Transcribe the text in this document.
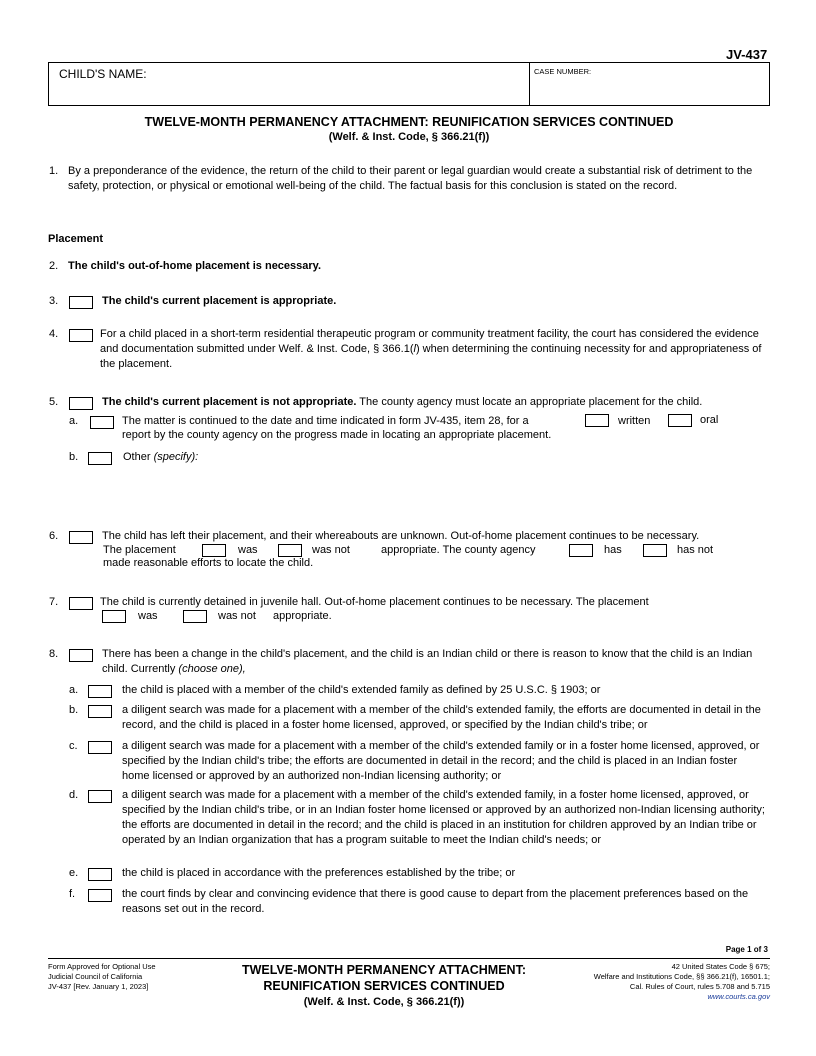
JV-437
CHILD'S NAME:	CASE NUMBER:
TWELVE-MONTH PERMANENCY ATTACHMENT: REUNIFICATION SERVICES CONTINUED
(Welf. & Inst. Code, § 366.21(f))
1. By a preponderance of the evidence, the return of the child to their parent or legal guardian would create a substantial risk of detriment to the safety, protection, or physical or emotional well-being of the child. The factual basis for this conclusion is stated on the record.
Placement
2. The child's out-of-home placement is necessary.
3.	The child's current placement is appropriate.
4.	For a child placed in a short-term residential therapeutic program or community treatment facility, the court has considered the evidence and documentation submitted under Welf. & Inst. Code, § 366.1(l) when determining the continuing necessity for and appropriateness of the placement.
5.	The child's current placement is not appropriate. The county agency must locate an appropriate placement for the child.
a.	The matter is continued to the date and time indicated in form JV-435, item 28, for a	written	oral
report by the county agency on the progress made in locating an appropriate placement.
b.	Other (specify):
6.	The child has left their placement, and their whereabouts are unknown. Out-of-home placement continues to be necessary.
The placement	was	was not	appropriate. The county agency	has	has not
made reasonable efforts to locate the child.
7.	The child is currently detained in juvenile hall. Out-of-home placement continues to be necessary. The placement
was	was not appropriate.
8.	There has been a change in the child's placement, and the child is an Indian child or there is reason to know that the child is an Indian child. Currently (choose one),
a.	the child is placed with a member of the child's extended family as defined by 25 U.S.C. § 1903; or
b.	a diligent search was made for a placement with a member of the child's extended family, the efforts are documented in detail in the record, and the child is placed in a foster home licensed, approved, or specified by the Indian child's tribe; or
c.	a diligent search was made for a placement with a member of the child's extended family or in a foster home licensed, approved, or specified by the Indian child's tribe; the efforts are documented in detail in the record; and the child is placed in an Indian foster home licensed or approved by an authorized non-Indian licensing authority; or
d.	a diligent search was made for a placement with a member of the child's extended family, in a foster home licensed, approved, or specified by the Indian child's tribe, or in an Indian foster home licensed or approved by an authorized non-Indian licensing authority; the efforts are documented in detail in the record; and the child is placed in an institution for children approved by an Indian tribe or operated by an Indian organization that has a program suitable to meet the Indian child's needs; or
e.	the child is placed in accordance with the preferences established by the tribe; or
f.	the court finds by clear and convincing evidence that there is good cause to depart from the placement preferences based on the reasons set out in the record.
Page 1 of 3
Form Approved for Optional Use
Judicial Council of California
JV-437 [Rev. January 1, 2023]
TWELVE-MONTH PERMANENCY ATTACHMENT:
REUNIFICATION SERVICES CONTINUED
(Welf. & Inst. Code, § 366.21(f))
42 United States Code § 675;
Welfare and Institutions Code, §§ 366.21(f), 16501.1;
Cal. Rules of Court, rules 5.708 and 5.715
www.courts.ca.gov
